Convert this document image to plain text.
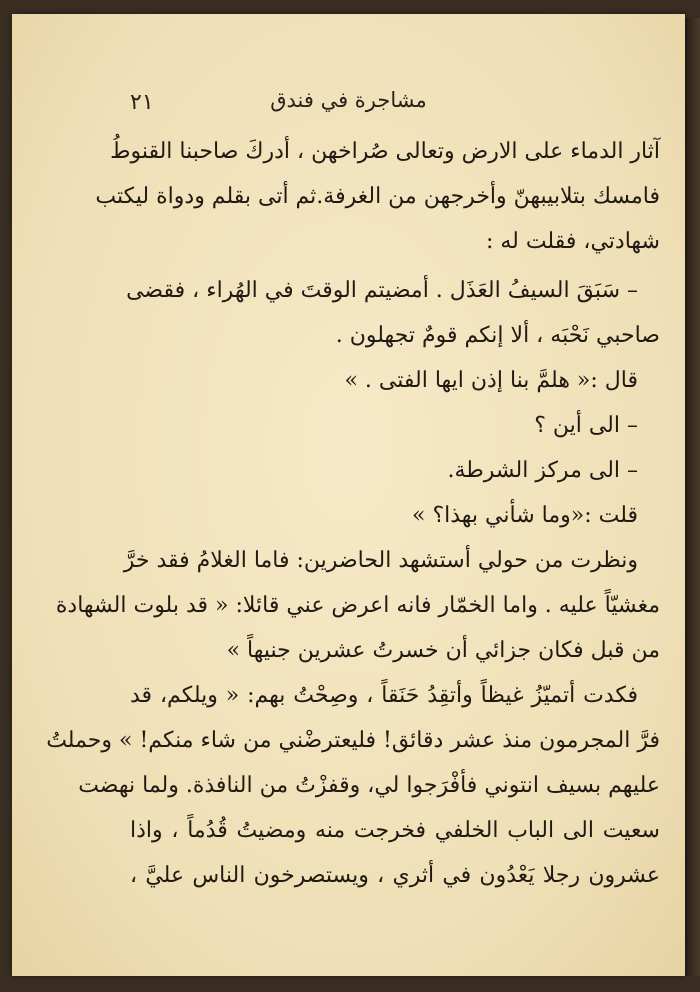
٢١	مشاجرة في فندق
آثار الدماء على الارض وتعالى صُراخهن ، أدركَ صاحبنا القنوطُ
فامسك بتلابيبهنّ وأخرجهن من الغرفة.ثم أتى بقلم ودواة ليكتب
شهادتي، فقلت له :
– سَبَقَ السيفُ العَذَل . أمضيتم الوقتَ في الهُراء ، فقضى
صاحبي نَحْبَه ، ألا إنكم قومٌ تجهلون .
قال :« هلمَّ بنا إذن ايها الفتى . »
– الى أين ؟
– الى مركز الشرطة.
قلت :«وما شأني بهذا؟ »
ونظرت من حولي أستشهد الحاضرين: فاما الغلامُ فقد خرَّ
مغشيّاً عليه . واما الخمّار فانه اعرض عني قائلا: « قد بلوت الشهادة
من قبل فكان جزائي أن خسرتُ عشرين جنيهاً »
فكدت أتميّزُ غيظاً وأتقِدُ حَنَقاً ، وصِحْتُ بهم: « ويلكم، قد
فرَّ المجرمون منذ عشر دقائق! فليعترضْني من شاء منكم! » وحملتُ
عليهم بسيف انتوني فأفْرَجوا لي، وقفزْتُ من النافذة. ولما نهضت
سعيت الى الباب الخلفي فخرجت منه ومضيتُ قُدُماً ، واذا
عشرون رجلا يَعْدُون في أثري ، ويستصرخون الناس عليَّ ،
